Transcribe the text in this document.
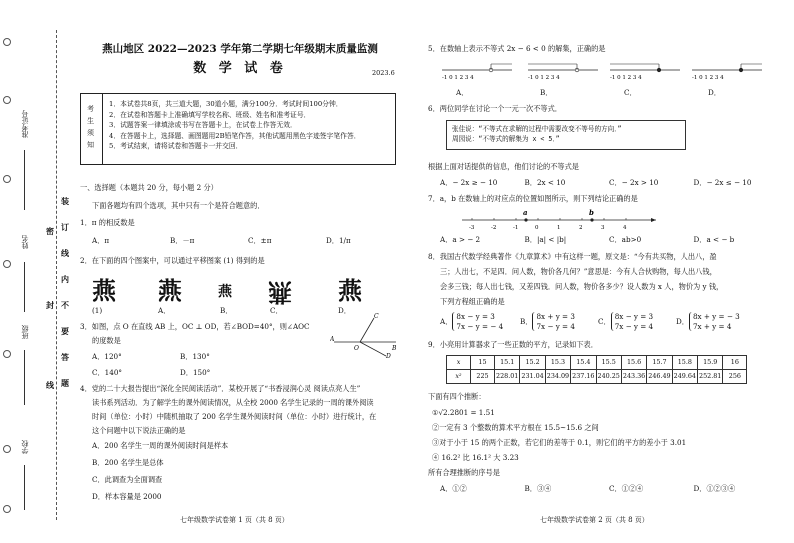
准考证号
姓名
班级
学校
装
订
线
内
不
要
答
题
密
封
线
燕山地区 2022—2023 学年第二学期七年级期末质量监测
数 学 试 卷	2023.6
考生须知
1．本试卷共8页，共三道大题，30道小题，满分100分．考试时间100分钟．
2．在试卷和答题卡上准确填写学校名称、班级、姓名和准考证号．
3．试题答案一律填涂或书写在答题卡上，在试卷上作答无效．
4．在答题卡上，选择题、画图题用2B铅笔作答，其他试题用黑色字迹签字笔作答．
5．考试结束，请将试卷和答题卡一并交回．
一、选择题（本题共 20 分，每小题 2 分）
下面各题均有四个选项，其中只有一个是符合题意的．
1．π 的相反数是
A．π	B．－π	C．±π	D．1/π
2．在下面的四个图案中，可以通过平移图案 (1) 得到的是
燕 燕	燕 燕 燕
(1)	A．	B．	C．	D．
3．如图，点 O 在直线 AB 上，OC ⊥ OD，若∠BOD=40°，则∠AOC
的度数是
A．120°	B．130°
C．140°	D．150°
C
A
O	B
D
4．党的二十大报告提出“深化全民阅读活动”．某校开展了“书香浸润心灵 阅读点亮人生”
读书系列活动．为了解学生的课外阅读情况，从全校 2000 名学生记录的一周的课外阅读
时间（单位：小时）中随机抽取了 200 名学生课外阅读时间（单位：小时）进行统计，在
这个问题中以下说法正确的是
A．200 名学生一周的课外阅读时间是样本
B．200 名学生是总体
C．此调查为全面调查
D．样本容量是 2000
七年级数学试卷第 1 页（共 8 页）
5．在数轴上表示不等式 2x − 6 < 0 的解集，正确的是
-1 0 1 2 3 4	-1 0 1 2 3 4	-1 0 1 2 3 4	-1 0 1 2 3 4
A．	B．	C．	D．
6．两位同学在讨论一个一元一次不等式．
张佳说：“不等式在求解的过程中需要改变不等号的方向．”
周园说：“不等式的解集为 x < 5．”
根据上面对话提供的信息，他们讨论的不等式是
A．− 2x ≥ − 10	B．2x < 10	C．− 2x > 10	D．− 2x ≤ − 10
7．a，b 在数轴上的对应点的位置如图所示，则下列结论正确的是
-3	-2	-1	0	1	2	3	4
a	b
A．a > − 2	B．|a| < |b|	C．ab>0	D．a < − b
8．我国古代数学经典著作《九章算术》中有这样一题，原文是：“今有共买物，人出八，盈
三；人出七，不足四．问人数，物价各几何？”意思是：今有人合伙购物，每人出八钱，
会多三钱；每人出七钱，又差四钱．问人数，物价各多少？设人数为 x 人，物价为 y 钱，
下列方程组正确的是
A． 8x − y = 3
7x − y = − 4
B． 8x + y = 3
7x − y = 4
C． 8x − y = 3
7x − y = 4
D． 8x + y = − 3
7x + y = 4
9．小亮用计算器求了一些正数的平方，记录如下表．
x	15	15.1	15.2	15.3	15.4	15.5	15.6	15.7	15.8	15.9	16
x²	225	228.01	231.04	234.09	237.16	240.25	243.36	246.49	249.64	252.81	256
下面有四个推断：
①√2.2801 = 1.51
②一定有 3 个整数的算术平方根在 15.5~15.6 之间
③对于小于 15 的两个正数，若它们的差等于 0.1，则它们的平方的差小于 3.01
④ 16.2² 比 16.1² 大 3.23
所有合理推断的序号是
A．①②	B．③④	C．①②④	D．①②③④
七年级数学试卷第 2 页（共 8 页）
